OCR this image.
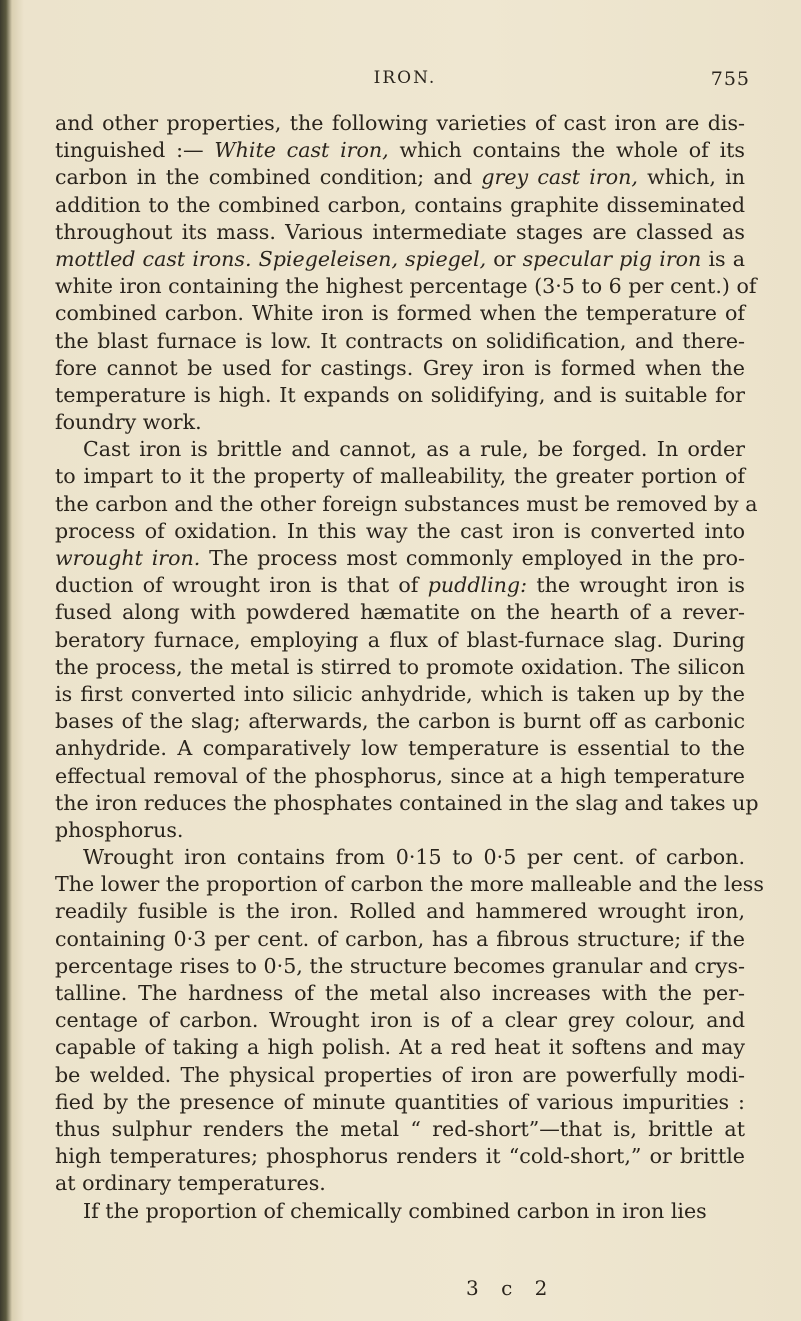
IRON.	755
and other properties, the following varieties of cast iron are dis-
tinguished :— White cast iron, which contains the whole of its
carbon in the combined condition; and grey cast iron, which, in
addition to the combined carbon, contains graphite disseminated
throughout its mass. Various intermediate stages are classed as
mottled cast irons. Spiegeleisen, spiegel, or specular pig iron is a
white iron containing the highest percentage (3·5 to 6 per cent.) of
combined carbon. White iron is formed when the temperature of
the blast furnace is low. It contracts on solidification, and there-
fore cannot be used for castings. Grey iron is formed when the
temperature is high. It expands on solidifying, and is suitable for
foundry work.
Cast iron is brittle and cannot, as a rule, be forged. In order
to impart to it the property of malleability, the greater portion of
the carbon and the other foreign substances must be removed by a
process of oxidation. In this way the cast iron is converted into
wrought iron. The process most commonly employed in the pro-
duction of wrought iron is that of puddling: the wrought iron is
fused along with powdered hæmatite on the hearth of a rever-
beratory furnace, employing a flux of blast-furnace slag. During
the process, the metal is stirred to promote oxidation. The silicon
is first converted into silicic anhydride, which is taken up by the
bases of the slag; afterwards, the carbon is burnt off as carbonic
anhydride. A comparatively low temperature is essential to the
effectual removal of the phosphorus, since at a high temperature
the iron reduces the phosphates contained in the slag and takes up
phosphorus.
Wrought iron contains from 0·15 to 0·5 per cent. of carbon.
The lower the proportion of carbon the more malleable and the less
readily fusible is the iron. Rolled and hammered wrought iron,
containing 0·3 per cent. of carbon, has a fibrous structure; if the
percentage rises to 0·5, the structure becomes granular and crys-
talline. The hardness of the metal also increases with the per-
centage of carbon. Wrought iron is of a clear grey colour, and
capable of taking a high polish. At a red heat it softens and may
be welded. The physical properties of iron are powerfully modi-
fied by the presence of minute quantities of various impurities :
thus sulphur renders the metal “ red-short”—that is, brittle at
high temperatures; phosphorus renders it “cold-short,” or brittle
at ordinary temperatures.
If the proportion of chemically combined carbon in iron lies
3 c 2
